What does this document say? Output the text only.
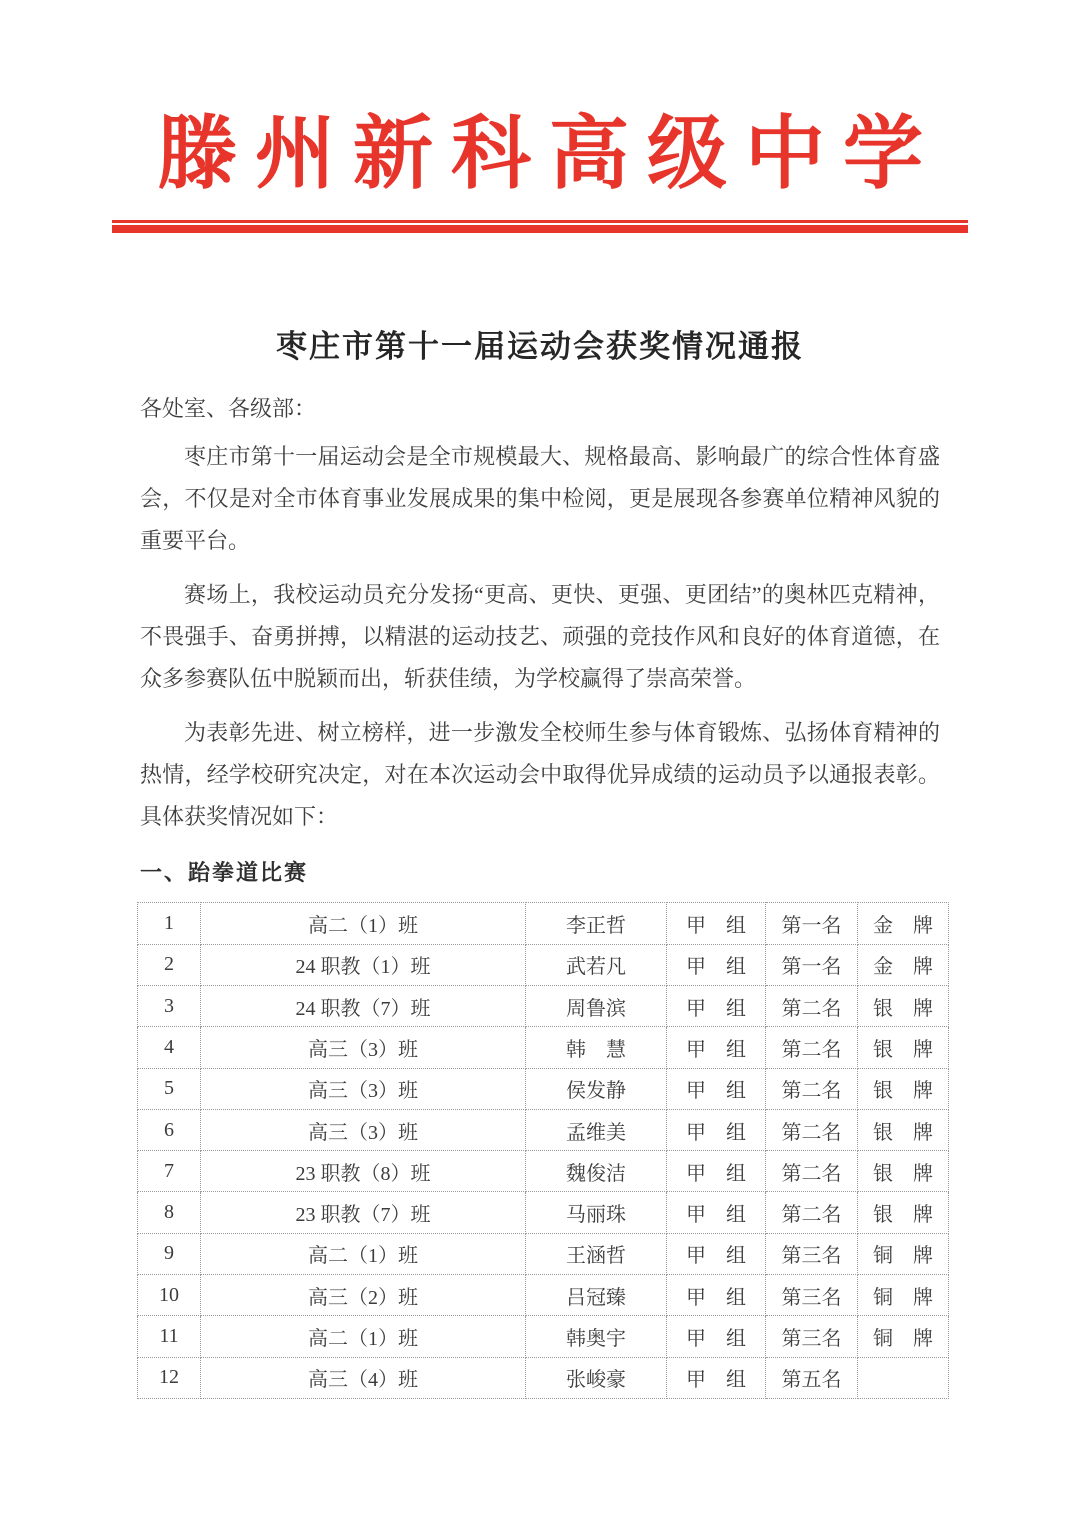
滕州新科高级中学
枣庄市第十一届运动会获奖情况通报
各处室、各级部：

枣庄市第十一届运动会是全市规模最大、规格最高、影响最广的综合性体育盛会，不仅是对全市体育事业发展成果的集中检阅，更是展现各参赛单位精神风貌的重要平台。

赛场上，我校运动员充分发扬“更高、更快、更强、更团结”的奥林匹克精神，不畏强手、奋勇拼搏，以精湛的运动技艺、顽强的竞技作风和良好的体育道德，在众多参赛队伍中脱颖而出，斩获佳绩，为学校赢得了崇高荣誉。

为表彰先进、树立榜样，进一步激发全校师生参与体育锻炼、弘扬体育精神的热情，经学校研究决定，对在本次运动会中取得优异成绩的运动员予以通报表彰。具体获奖情况如下：

一、跆拳道比赛
1	高二（1）班	李正哲	甲　组	第一名	金　牌
2	24 职教（1）班	武若凡	甲　组	第一名	金　牌
3	24 职教（7）班	周鲁滨	甲　组	第二名	银　牌
4	高三（3）班	韩　慧	甲　组	第二名	银　牌
5	高三（3）班	侯发静	甲　组	第二名	银　牌
6	高三（3）班	孟维美	甲　组	第二名	银　牌
7	23 职教（8）班	魏俊洁	甲　组	第二名	银　牌
8	23 职教（7）班	马丽珠	甲　组	第二名	银　牌
9	高二（1）班	王涵哲	甲　组	第三名	铜　牌
10	高三（2）班	吕冠臻	甲　组	第三名	铜　牌
11	高二（1）班	韩奥宇	甲　组	第三名	铜　牌
12	高三（4）班	张峻豪	甲　组	第五名	
